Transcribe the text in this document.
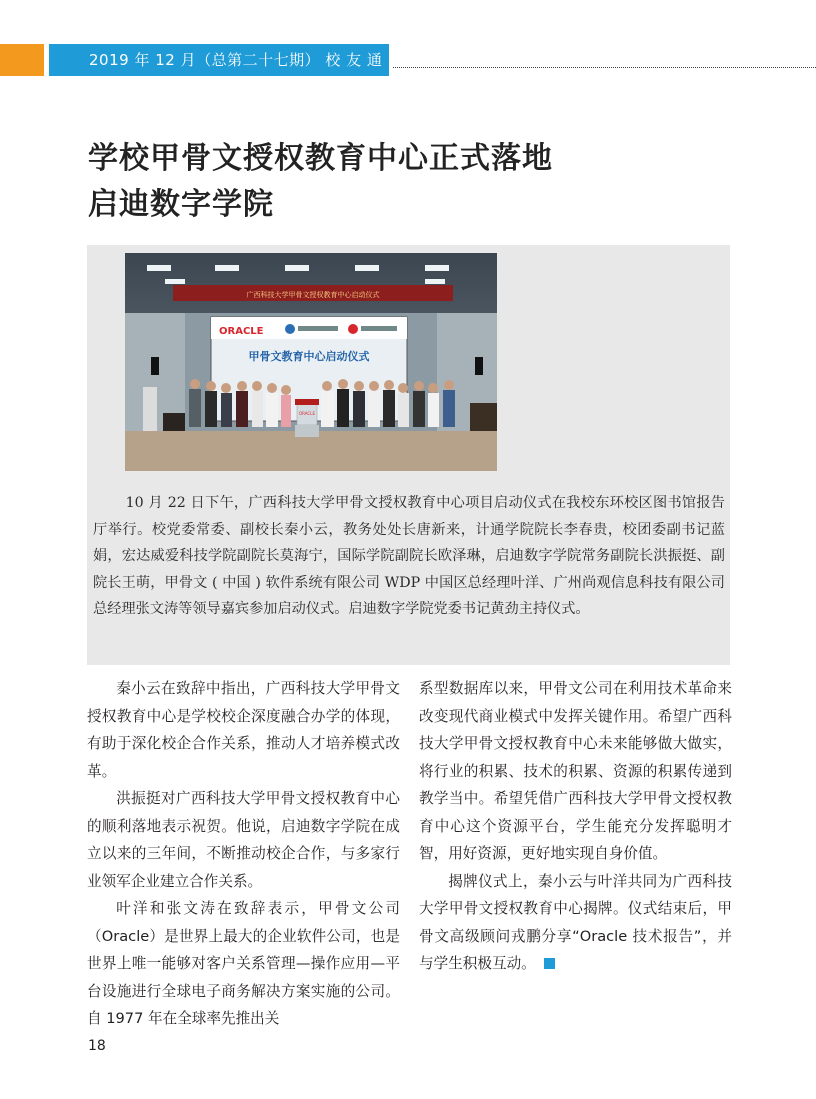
2019 年 12 月（总第二十七期） 校 友 通 讯
学校甲骨文授权教育中心正式落地
启迪数字学院
广西科技大学甲骨文授权教育中心启动仪式
ORACLE
甲骨文教育中心启动仪式
ORACLE

10 月 22 日下午，广西科技大学甲骨文授权教育中心项目启动仪式在我校东环校区图书馆报告厅举行。校党委常委、副校长秦小云，教务处处长唐新来，计通学院院长李春贵，校团委副书记蓝娟，宏达威爱科技学院副院长莫海宁，国际学院副院长欧泽琳，启迪数字学院常务副院长洪振挺、副院长王萌，甲骨文 ( 中国 ) 软件系统有限公司 WDP 中国区总经理叶洋、广州尚观信息科技有限公司总经理张文涛等领导嘉宾参加启动仪式。启迪数字学院党委书记黄劲主持仪式。

秦小云在致辞中指出，广西科技大学甲骨文授权教育中心是学校校企深度融合办学的体现，有助于深化校企合作关系，推动人才培养模式改革。

洪振挺对广西科技大学甲骨文授权教育中心的顺利落地表示祝贺。他说，启迪数字学院在成立以来的三年间，不断推动校企合作，与多家行业领军企业建立合作关系。

叶洋和张文涛在致辞表示，甲骨文公司（Oracle）是世界上最大的企业软件公司，也是世界上唯一能够对客户关系管理—操作应用—平台设施进行全球电子商务解决方案实施的公司。自 1977 年在全球率先推出关

系型数据库以来，甲骨文公司在利用技术革命来改变现代商业模式中发挥关键作用。希望广西科技大学甲骨文授权教育中心未来能够做大做实，将行业的积累、技术的积累、资源的积累传递到教学当中。希望凭借广西科技大学甲骨文授权教育中心这个资源平台，学生能充分发挥聪明才智，用好资源，更好地实现自身价值。

揭牌仪式上，秦小云与叶洋共同为广西科技大学甲骨文授权教育中心揭牌。仪式结束后，甲骨文高级顾问戎鹏分享“Oracle 技术报告”，并与学生积极互动。

18
